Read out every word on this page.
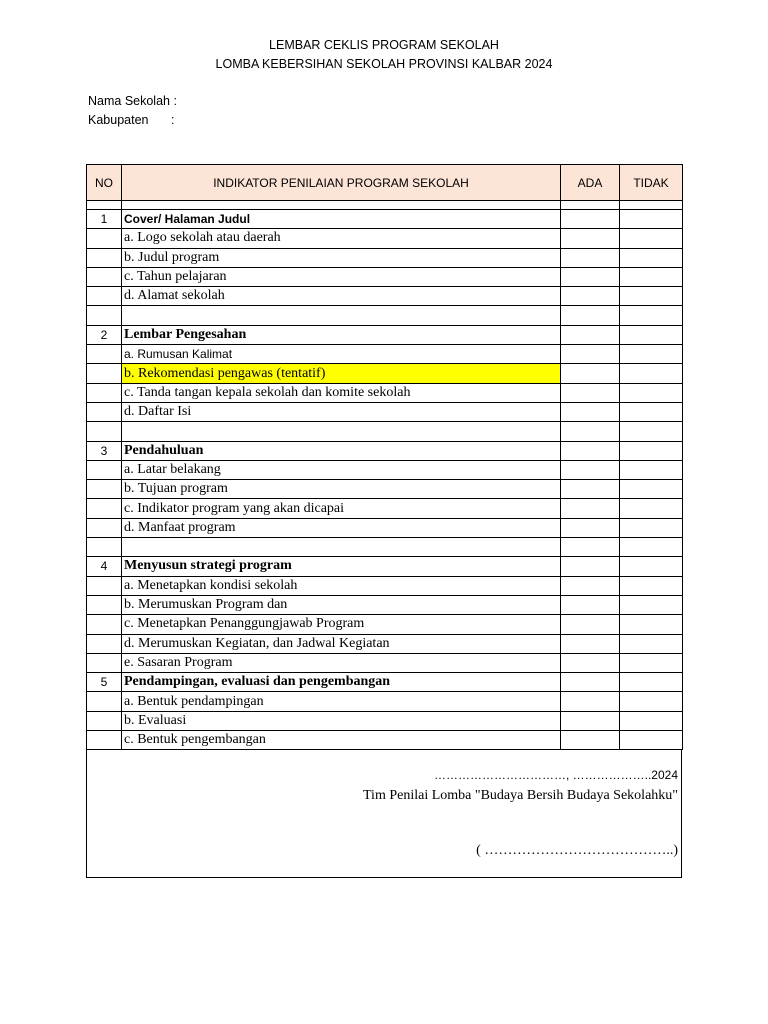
LEMBAR CEKLIS PROGRAM SEKOLAH
LOMBA KEBERSIHAN SEKOLAH PROVINSI KALBAR 2024
Nama Sekolah :
Kabupaten	:
NO	INDIKATOR PENILAIAN PROGRAM SEKOLAH	ADA	TIDAK

1	Cover/ Halaman Judul		
	a. Logo sekolah atau daerah		
	b. Judul program		
	c. Tahun pelajaran		
	d. Alamat sekolah		

2	Lembar Pengesahan		
	a. Rumusan Kalimat		
	b. Rekomendasi pengawas (tentatif)		
	c. Tanda tangan kepala sekolah dan komite sekolah		
	d. Daftar Isi		

3	Pendahuluan		
	a. Latar belakang		
	b. Tujuan program		
	c. Indikator program yang akan dicapai		
	d. Manfaat program		

4	Menyusun strategi program		
	a. Menetapkan kondisi sekolah		
	b. Merumuskan Program dan		
	c. Menetapkan Penanggungjawab Program		
	d. Merumuskan Kegiatan, dan Jadwal Kegiatan		
	e. Sasaran Program		
5	Pendampingan, evaluasi dan pengembangan		
	a. Bentuk pendampingan		
	b. Evaluasi		
	c. Bentuk pengembangan		
……………………………, ………………..2024
Tim Penilai Lomba "Budaya Bersih Budaya Sekolahku"
( …………………………………..)
